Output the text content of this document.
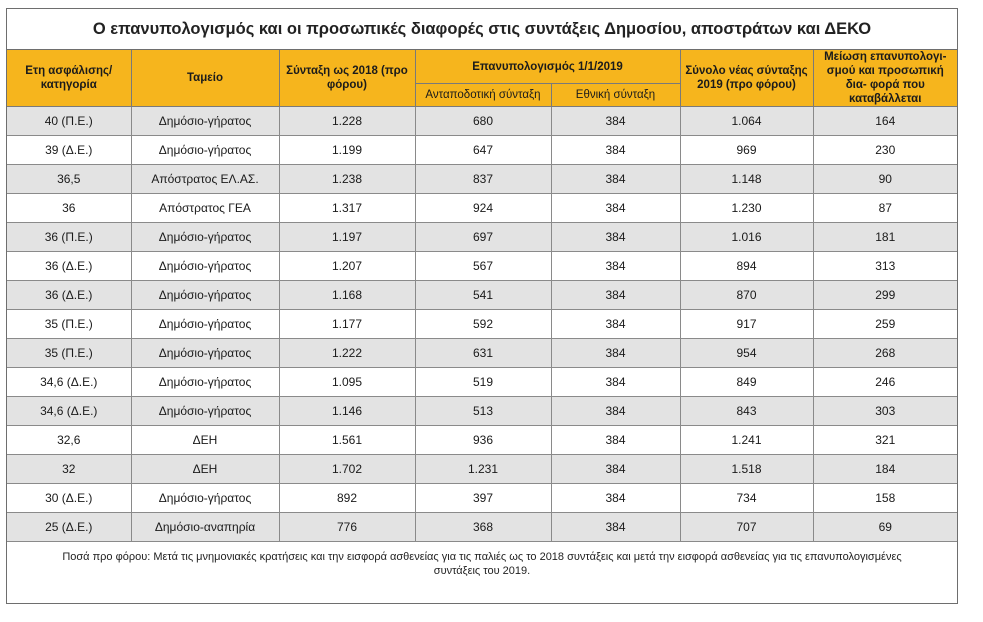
Ο επανυπολογισμός και οι προσωπικές διαφορές στις συντάξεις Δημοσίου, αποστράτων και ΔΕΚΟ
Ετη ασφάλισης/ κατηγορία	Ταμείο	Σύνταξη ως 2018 (προ φόρου)	Επανυπολογισμός 1/1/2019		Σύνολο νέας σύνταξης 2019 (προ φόρου)	Μείωση επανυπολογι- σμού και προσωπική δια- φορά που καταβάλλεται
			Ανταποδοτική σύνταξη	Εθνική σύνταξη		
40 (Π.Ε.)	Δημόσιο-γήρατος	1.228	680	384	1.064	164
39 (Δ.Ε.)	Δημόσιο-γήρατος	1.199	647	384	969	230
36,5	Απόστρατος ΕΛ.ΑΣ.	1.238	837	384	1.148	90
36	Απόστρατος ΓΕΑ	1.317	924	384	1.230	87
36 (Π.Ε.)	Δημόσιο-γήρατος	1.197	697	384	1.016	181
36 (Δ.Ε.)	Δημόσιο-γήρατος	1.207	567	384	894	313
36 (Δ.Ε.)	Δημόσιο-γήρατος	1.168	541	384	870	299
35 (Π.Ε.)	Δημόσιο-γήρατος	1.177	592	384	917	259
35 (Π.Ε.)	Δημόσιο-γήρατος	1.222	631	384	954	268
34,6 (Δ.Ε.)	Δημόσιο-γήρατος	1.095	519	384	849	246
34,6 (Δ.Ε.)	Δημόσιο-γήρατος	1.146	513	384	843	303
32,6	ΔΕΗ	1.561	936	384	1.241	321
32	ΔΕΗ	1.702	1.231	384	1.518	184
30 (Δ.Ε.)	Δημόσιο-γήρατος	892	397	384	734	158
25 (Δ.Ε.)	Δημόσιο-αναπηρία	776	368	384	707	69
Ποσά προ φόρου: Μετά τις μνημονιακές κρατήσεις και την εισφορά ασθενείας για τις παλιές ως το 2018 συντάξεις και μετά την εισφορά ασθενείας για τις επανυπολογισμένες συντάξεις του 2019.
